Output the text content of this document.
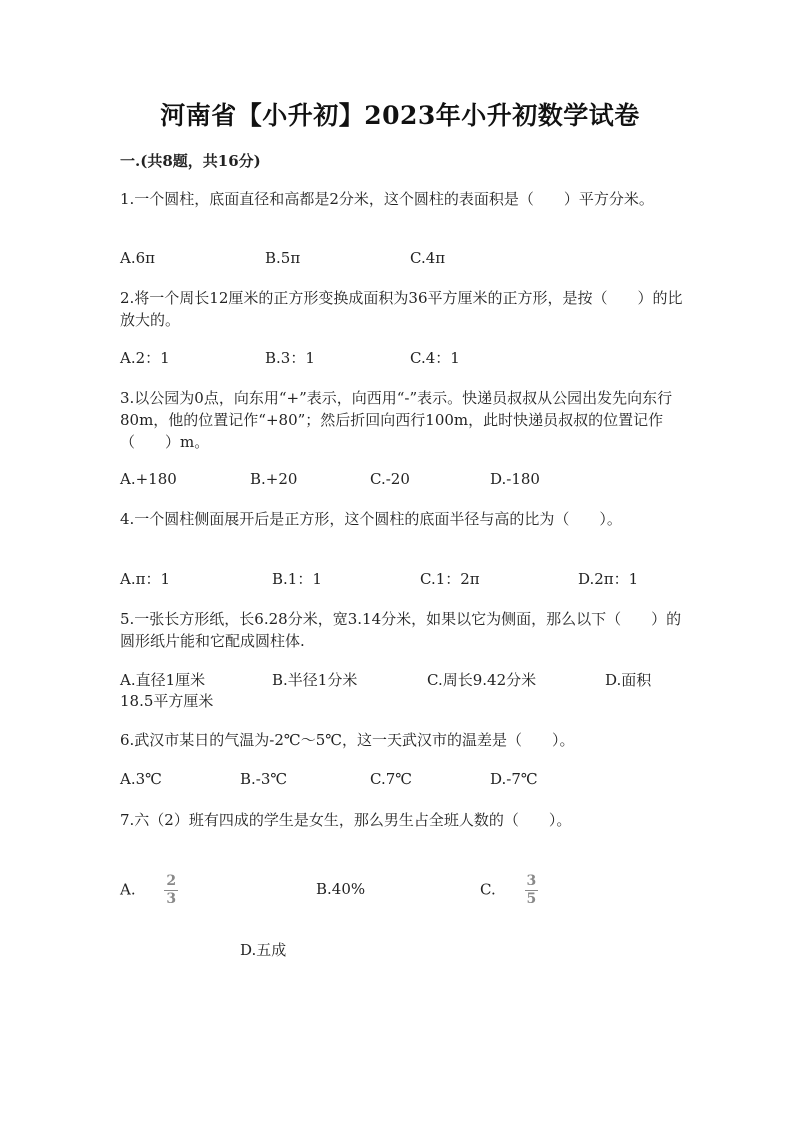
河南省【小升初】2023年小升初数学试卷
一.(共8题，共16分)
1.一个圆柱，底面直径和高都是2分米，这个圆柱的表面积是（　　）平方分米。
A.6π	B.5π	C.4π
2.将一个周长12厘米的正方形变换成面积为36平方厘米的正方形，是按（　　）的比放大的。
A.2：1	B.3：1	C.4：1
3.以公园为0点，向东用“+”表示，向西用“-”表示。快递员叔叔从公园出发先向东行80m，他的位置记作“+80”；然后折回向西行100m，此时快递员叔叔的位置记作（　　）m。
A.+180	B.+20	C.-20	D.-180
4.一个圆柱侧面展开后是正方形，这个圆柱的底面半径与高的比为（　　）。
A.π：1	B.1：1	C.1：2π	D.2π：1
5.一张长方形纸，长6.28分米，宽3.14分米，如果以它为侧面，那么以下（　　）的圆形纸片能和它配成圆柱体.
A.直径1厘米	B.半径1分米	C.周长9.42分米	D.面积
18.5平方厘米
6.武汉市某日的气温为-2℃～5℃，这一天武汉市的温差是（　　）。
A.3℃	B.-3℃	C.7℃	D.-7℃
7.六（2）班有四成的学生是女生，那么男生占全班人数的（　　）。
A. $\frac{2}{3}$	B.40%	C. $\frac{3}{5}$
D.五成
